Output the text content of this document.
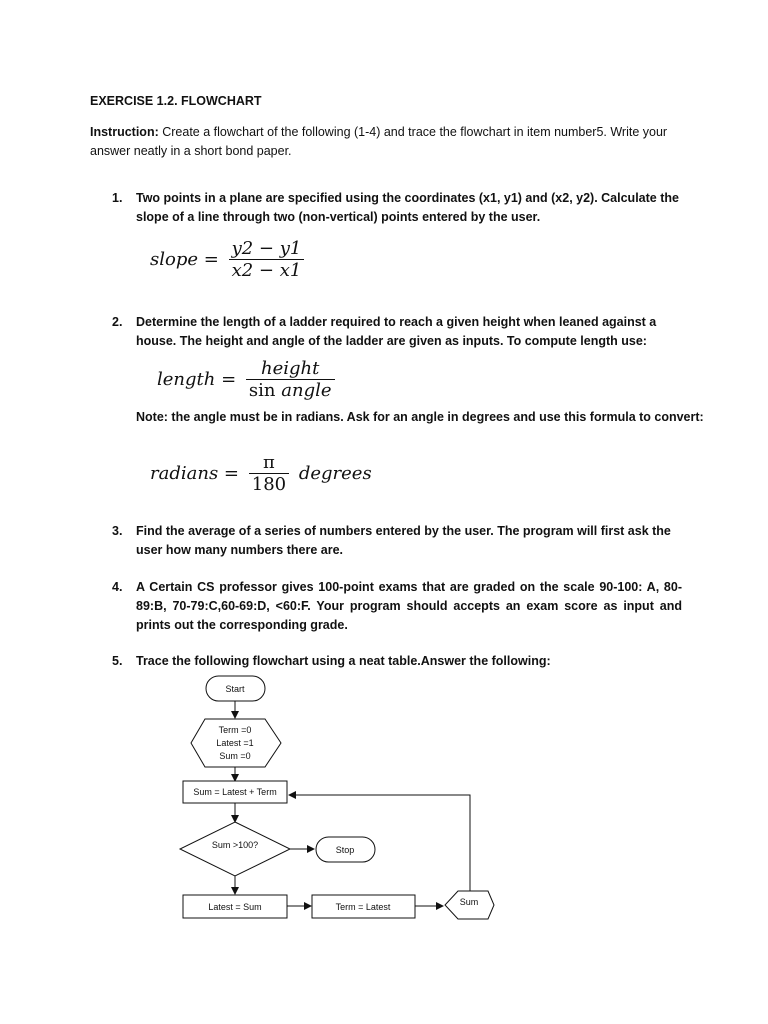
EXERCISE 1.2. FLOWCHART
Instruction: Create a flowchart of the following (1-4) and trace the flowchart in item number5. Write your answer neatly in a short bond paper.
1. Two points in a plane are specified using the coordinates (x1, y1) and (x2, y2). Calculate the slope of a line through two (non-vertical) points entered by the user.
slope = $\frac{y2 - y1}{x2 - x1}$
2. Determine the length of a ladder required to reach a given height when leaned against a house. The height and angle of the ladder are given as inputs. To compute length use:
length = $\frac{\text{height}}{\text{sin angle}}$
Note: the angle must be in radians. Ask for an angle in degrees and use this formula to convert:
radians = $\frac{\pi}{180}$ degrees
3. Find the average of a series of numbers entered by the user. The program will first ask the user how many numbers there are.
4. A Certain CS professor gives 100-point exams that are graded on the scale 90-100: A, 80-89:B, 70-79:C,60-69:D, <60:F. Your program should accepts an exam score as input and prints out the corresponding grade.
5. Trace the following flowchart using a neat table.Answer the following:
Start
Term =0
Latest =1
Sum =0
Sum = Latest + Term
Sum >100?	Stop
Latest = Sum	Term = Latest	Sum
